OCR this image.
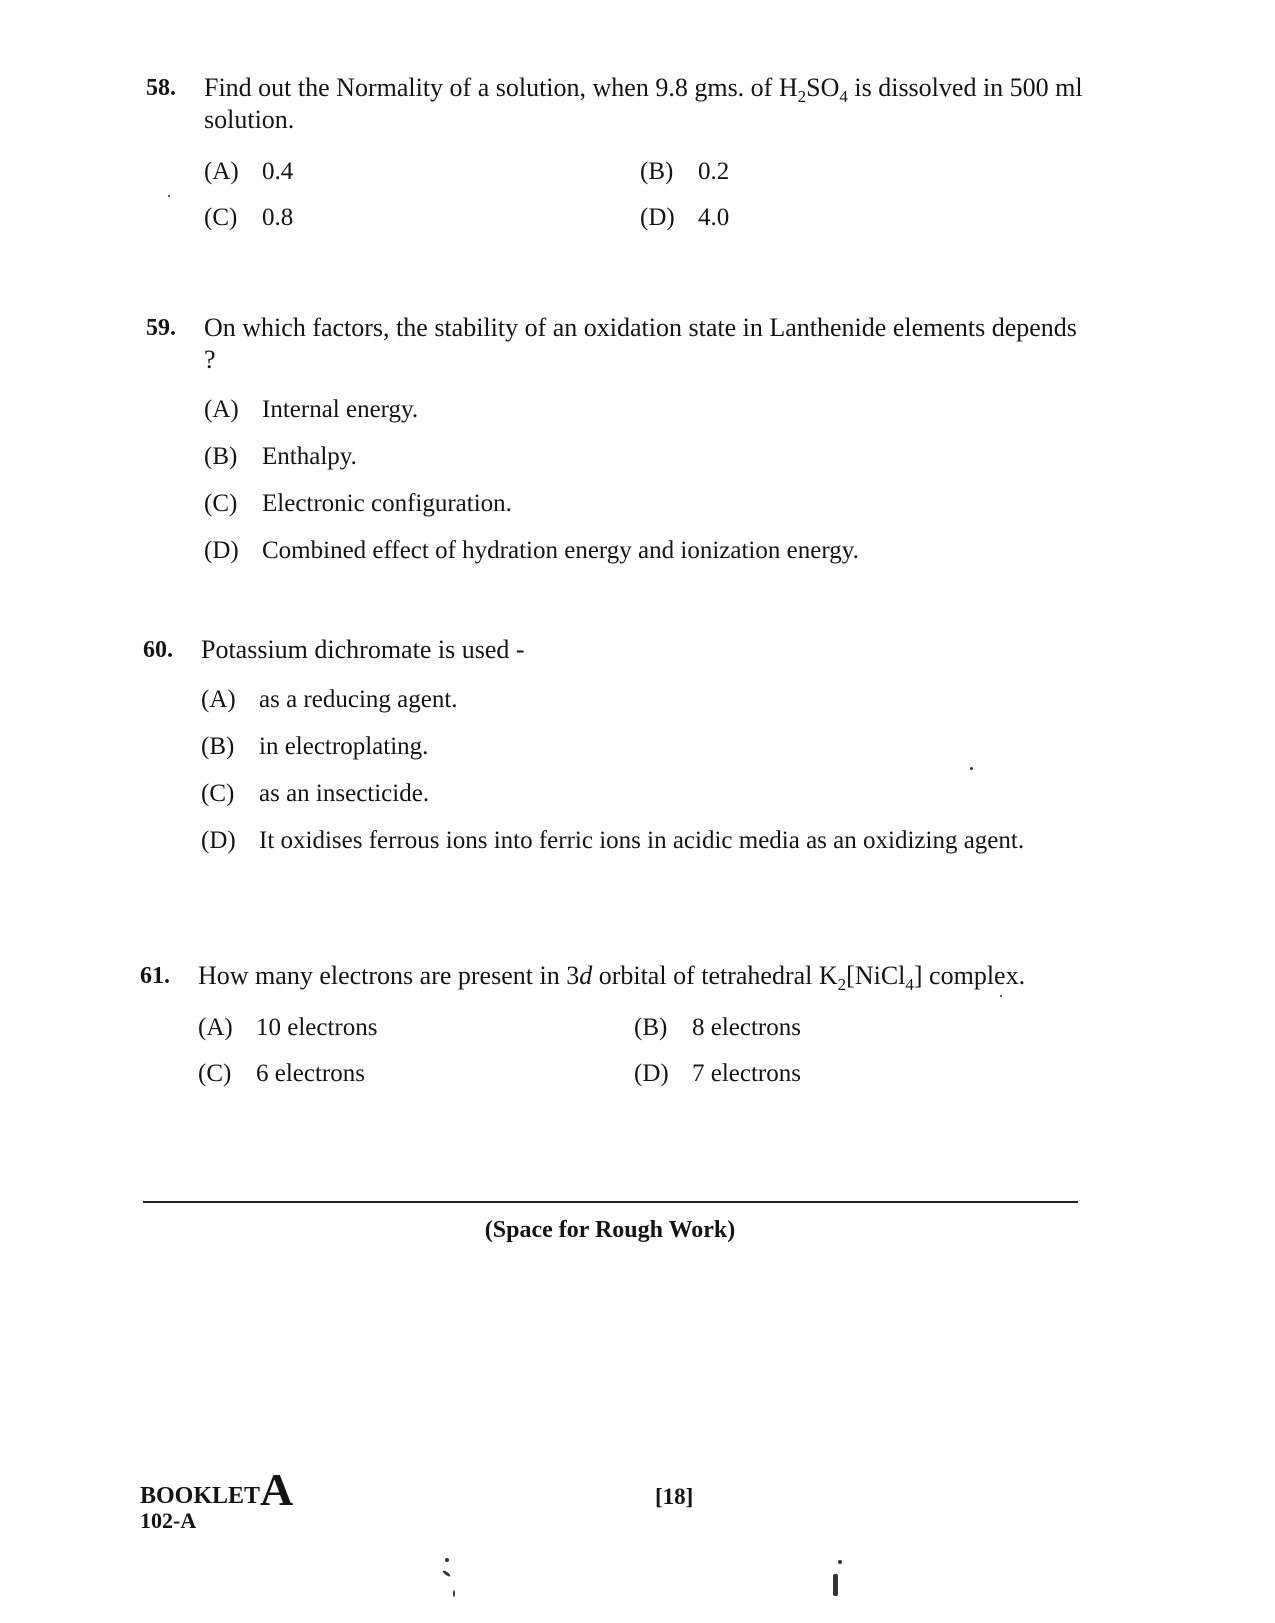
58.	Find out the Normality of a solution, when 9.8 gms. of $H_2SO_4$ is dissolved in 500 ml solution.
(A) 0.4	(B) 0.2
(C) 0.8	(D) 4.0
59.	On which factors, the stability of an oxidation state in Lanthenide elements depends ?
(A) Internal energy.
(B) Enthalpy.
(C) Electronic configuration.
(D) Combined effect of hydration energy and ionization energy.
60.	Potassium dichromate is used -
(A) as a reducing agent.
(B) in electroplating.
(C) as an insecticide.
(D) It oxidises ferrous ions into ferric ions in acidic media as an oxidizing agent.
61.	How many electrons are present in 3d orbital of tetrahedral $K_2[NiCl_4]$ complex.
(A) 10 electrons	(B) 8 electrons
(C) 6 electrons	(D) 7 electrons
(Space for Rough Work)
BOOKLETA
102-A
[18]
